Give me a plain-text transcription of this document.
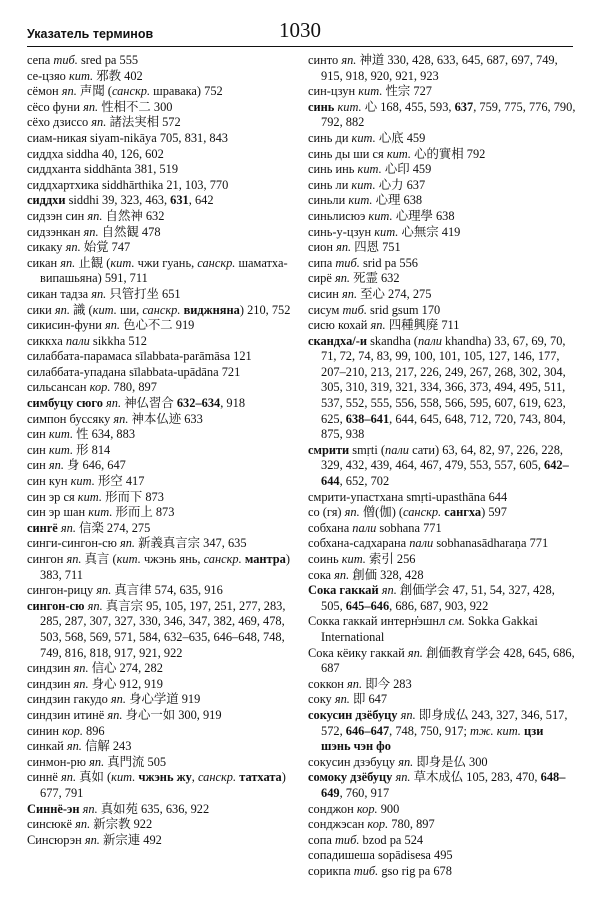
Указатель терминов	1030

сепа тиб. sred pa 555

се-цзяо кит. 邪教 402

сёмон яп. 声聞 (санскр. шравака) 752

сёсо фуни яп. 性相不二 300

сёхо дзиссо яп. 諸法実相 572

сиам-никая siyam-nikāya 705, 831, 843

сиддха siddha 40, 126, 602

сиддханта siddhānta 381, 519

сиддхартхика siddhārthika 21, 103, 770

сиддхи siddhi 39, 323, 463, 631, 642

сидзэн син яп. 自然神 632

сидзэнкан яп. 自然観 478

сикаку яп. 始覚 747

сикан яп. 止観 (кит. чжи гуань, санскр. шаматха-випашьяна) 591, 711

сикан тадза яп. 只管打坐 651

сики яп. 識 (кит. ши, санскр. виджняна) 210, 752

сикисин-фуни яп. 色心不二 919

сиккха пали sikkha 512

силаббата-парамаса sīlabbata-parāmāsa 121

силаббата-упадана sīlabbata-upādāna 721

сильсансан кор. 780, 897

симбуцу сюго яп. 神仏習合 632–634, 918

симпон бусcяку яп. 神本仏迹 633

син кит. 性 634, 883

син кит. 形 814

син яп. 身 646, 647

син кун кит. 形空 417

син эр ся кит. 形而下 873

син эр шан кит. 形而上 873

синrё яп. 信楽 274, 275

синги-сингон-сю яп. 新義真言宗 347, 635

сингон яп. 真言 (кит. чжэнь янь, санскр. мантра) 383, 711

сингон-рицу яп. 真言律 574, 635, 916

сингон-сю яп. 真言宗 95, 105, 197, 251, 277, 283, 285, 287, 307, 327, 330, 346, 347, 382, 469, 478, 503, 568, 569, 571, 584, 632–635, 646–648, 748, 749, 816, 818, 917, 921, 922

синдзин яп. 信心 274, 282

синдзин яп. 身心 912, 919

синдзин гакудо яп. 身心学道 919

синдзин итинё яп. 身心一如 300, 919

синин кор. 896

синкай яп. 信解 243

синмон-рю яп. 真門流 505

синнё яп. 真如 (кит. чжэнь жу, санскр. татхата) 677, 791

Синнё-эн яп. 真如苑 635, 636, 922

синсюкё яп. 新宗教 922

Синсюрэн яп. 新宗連 492

синто яп. 神道 330, 428, 633, 645, 687, 697, 749, 915, 918, 920, 921, 923

син-цзун кит. 性宗 727

синь кит. 心 168, 455, 593, 637, 759, 775, 776, 790, 792, 882

синь ди кит. 心底 459

синь ды ши ся кит. 心的實相 792

синь инь кит. 心印 459

синь ли кит. 心力 637

синьли кит. 心理 638

синьлисюэ кит. 心理學 638

синь-у-цзун кит. 心無宗 419

сион яп. 四恩 751

сипа тиб. srid pa 556

сирё яп. 死霊 632

сисин яп. 至心 274, 275

сисум тиб. srid gsum 170

сисю кохай яп. 四種興廃 711

скандха/-и skandha (пали khandha) 33, 67, 69, 70, 71, 72, 74, 83, 99, 100, 101, 105, 127, 146, 177, 207–210, 213, 217, 226, 249, 267, 268, 302, 304, 305, 310, 319, 321, 334, 366, 373, 494, 495, 511, 537, 552, 555, 556, 558, 566, 595, 607, 619, 623, 625, 638–641, 644, 645, 648, 712, 720, 743, 804, 875, 938

смрити smṛti (пали сати) 63, 64, 82, 97, 226, 228, 329, 432, 439, 464, 467, 479, 553, 557, 605, 642–644, 652, 702

смрити-упастхана smṛti-upasthāna 644

со (гя) яп. 僧(伽) (санскр. сангха) 597

собхана пали sobhana 771

собхана-садхарана пали sobhanasādharaṇa 771

соинь кит. 索引 256

сока яп. 創価 328, 428

Сока гаккай яп. 創価学会 47, 51, 54, 327, 428, 505, 645–646, 686, 687, 903, 922

Сокка гаккай интерн҆эшнл см. Sokka Gakkai International

Сока кёику гаккай яп. 創価教育学会 428, 645, 686, 687

соккон яп. 即今 283

соку яп. 即 647

сокусин дзёбуцу яп. 即身成仏 243, 327, 346, 517, 572, 646–647, 748, 750, 917; тж. кит. цзи шэнь чэн фо

сокусин дзэбуцу яп. 即身是仏 300

сомоку дзёбуцу яп. 草木成仏 105, 283, 470, 648–649, 760, 917

сонджон кор. 900

сонджэсан кор. 780, 897

сопа тиб. bzod pa 524

сопадишеша sopādisesa 495

сорикпа тиб. gso rig pa 678
